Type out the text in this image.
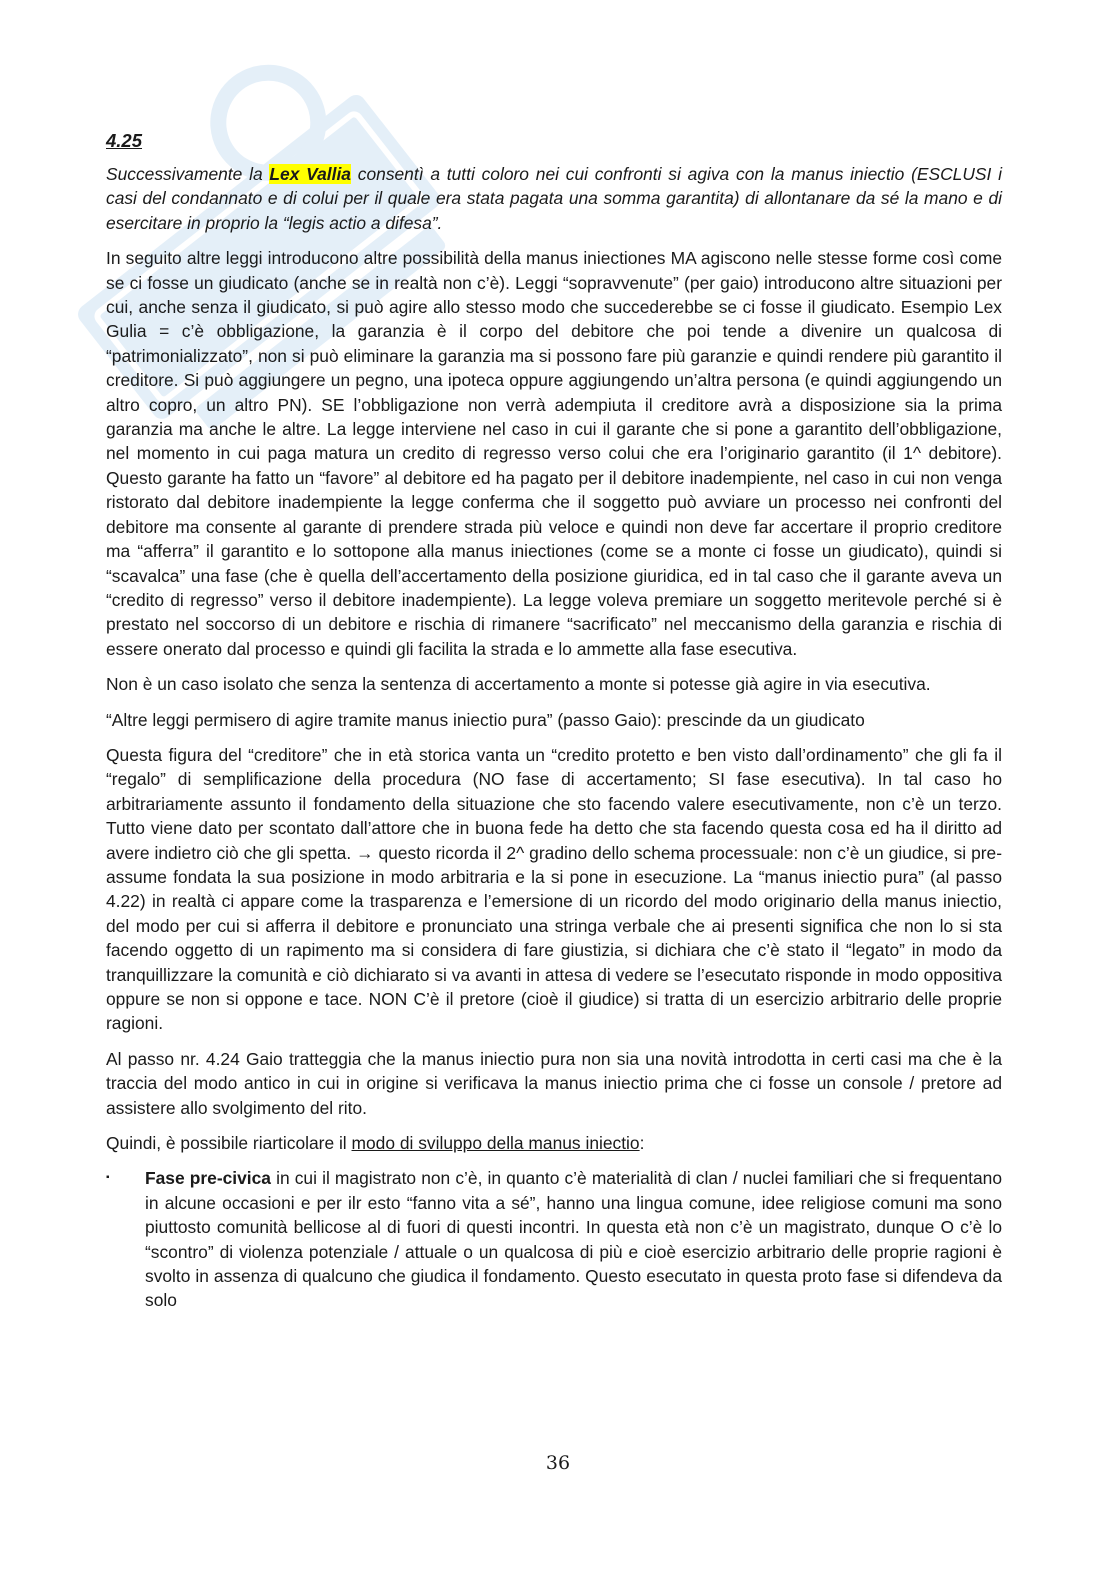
4.25

Successivamente la Lex Vallia consentì a tutti coloro nei cui confronti si agiva con la manus iniectio (ESCLUSI i casi del condannato e di colui per il quale era stata pagata una somma garantita) di allontanare da sé la mano e di esercitare in proprio la “legis actio a difesa”.

In seguito altre leggi introducono altre possibilità della manus iniectiones MA agiscono nelle stesse forme così come se ci fosse un giudicato (anche se in realtà non c’è). Leggi “sopravvenute” (per gaio) introducono altre situazioni per cui, anche senza il giudicato, si può agire allo stesso modo che succederebbe se ci fosse il giudicato. Esempio Lex Gulia = c’è obbligazione, la garanzia è il corpo del debitore che poi tende a divenire un qualcosa di “patrimonializzato”, non si può eliminare la garanzia ma si possono fare più garanzie e quindi rendere più garantito il creditore. Si può aggiungere un pegno, una ipoteca oppure aggiungendo un’altra persona (e quindi aggiungendo un altro copro, un altro PN). SE l’obbligazione non verrà adempiuta il creditore avrà a disposizione sia la prima garanzia ma anche le altre. La legge interviene nel caso in cui il garante che si pone a garantito dell’obbligazione, nel momento in cui paga matura un credito di regresso verso colui che era l’originario garantito (il 1^ debitore). Questo garante ha fatto un “favore” al debitore ed ha pagato per il debitore inadempiente, nel caso in cui non venga ristorato dal debitore inadempiente la legge conferma che il soggetto può avviare un processo nei confronti del debitore ma consente al garante di prendere strada più veloce e quindi non deve far accertare il proprio creditore ma “afferra” il garantito e lo sottopone alla manus iniectiones (come se a monte ci fosse un giudicato), quindi si “scavalca” una fase (che è quella dell’accertamento della posizione giuridica, ed in tal caso che il garante aveva un “credito di regresso” verso il debitore inadempiente). La legge voleva premiare un soggetto meritevole perché si è prestato nel soccorso di un debitore e rischia di rimanere “sacrificato” nel meccanismo della garanzia e rischia di essere onerato dal processo e quindi gli facilita la strada e lo ammette alla fase esecutiva.

Non è un caso isolato che senza la sentenza di accertamento a monte si potesse già agire in via esecutiva.

“Altre leggi permisero di agire tramite manus iniectio pura” (passo Gaio): prescinde da un giudicato

Questa figura del “creditore” che in età storica vanta un “credito protetto e ben visto dall’ordinamento” che gli fa il “regalo” di semplificazione della procedura (NO fase di accertamento; SI fase esecutiva). In tal caso ho arbitrariamente assunto il fondamento della situazione che sto facendo valere esecutivamente, non c’è un terzo. Tutto viene dato per scontato dall’attore che in buona fede ha detto che sta facendo questa cosa ed ha il diritto ad avere indietro ciò che gli spetta. → questo ricorda il 2^ gradino dello schema processuale: non c’è un giudice, si pre-assume fondata la sua posizione in modo arbitraria e la si pone in esecuzione. La “manus iniectio pura” (al passo 4.22) in realtà ci appare come la trasparenza e l’emersione di un ricordo del modo originario della manus iniectio, del modo per cui si afferra il debitore e pronunciato una stringa verbale che ai presenti significa che non lo si sta facendo oggetto di un rapimento ma si considera di fare giustizia, si dichiara che c’è stato il “legato” in modo da tranquillizzare la comunità e ciò dichiarato si va avanti in attesa di vedere se l’esecutato risponde in modo oppositiva oppure se non si oppone e tace. NON C’è il pretore (cioè il giudice) si tratta di un esercizio arbitrario delle proprie ragioni.

Al passo nr. 4.24 Gaio tratteggia che la manus iniectio pura non sia una novità introdotta in certi casi ma che è la traccia del modo antico in cui in origine si verificava la manus iniectio prima che ci fosse un console / pretore ad assistere allo svolgimento del rito.

Quindi, è possibile riarticolare il modo di sviluppo della manus iniectio:

▪	Fase pre-civica in cui il magistrato non c’è, in quanto c’è materialità di clan / nuclei familiari che si frequentano in alcune occasioni e per ilr esto “fanno vita a sé”, hanno una lingua comune, idee religiose comuni ma sono piuttosto comunità bellicose al di fuori di questi incontri. In questa età non c’è un magistrato, dunque O c’è lo “scontro” di violenza potenziale / attuale o un qualcosa di più e cioè esercizio arbitrario delle proprie ragioni è svolto in assenza di qualcuno che giudica il fondamento. Questo esecutato in questa proto fase si difendeva da solo
36
